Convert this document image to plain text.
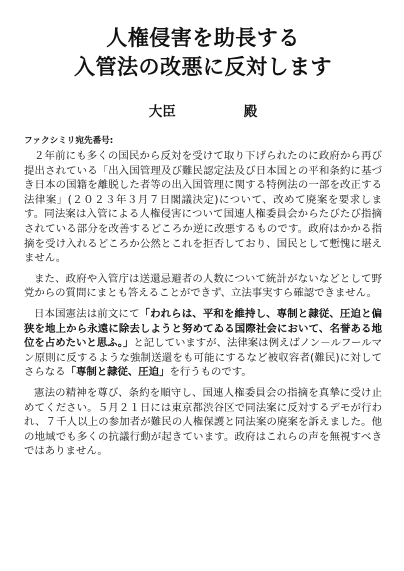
人権侵害を助長する
入管法の改悪に反対します
大臣	殿
ファクシミリ宛先番号:

２年前にも多くの国民から反対を受けて取り下げられたのに政府から再び提出されている「出入国管理及び難民認定法及び日本国との平和条約に基づき日本の国籍を離脱した者等の出入国管理に関する特例法の一部を改正する法律案」(２０２３年３月７日閣議決定)について、改めて廃案を要求します。同法案は入管による人権侵害について国連人権委員会からたびたび指摘されている部分を改善するどころか逆に改悪するものです。政府はかかる指摘を受け入れるどころか公然とこれを拒否しており、国民として慙愧に堪えません。

また、政府や入管庁は送還忌避者の人数について統計がないなどとして野党からの質問にまとも答えることができず、立法事実すら確認できません。

日本国憲法は前文にて「われらは、平和を維持し、専制と隷従、圧迫と偏狭を地上から永遠に除去しようと努めてゐる国際社会において、名誉ある地位を占めたいと思ふ。」と記していますが、法律案は例えばノン－ルフールマン原則に反するような強制送還をも可能にするなど被収容者(難民)に対してさらなる「専制と隷従、圧迫」を行うものです。

憲法の精神を尊び、条約を順守し、国連人権委員会の指摘を真摯に受け止めてください。５月２１日には東京都渋谷区で同法案に反対するデモが行われ、７千人以上の参加者が難民の人権保護と同法案の廃案を訴えました。他の地域でも多くの抗議行動が起きています。政府はこれらの声を無視すべきではありません。
